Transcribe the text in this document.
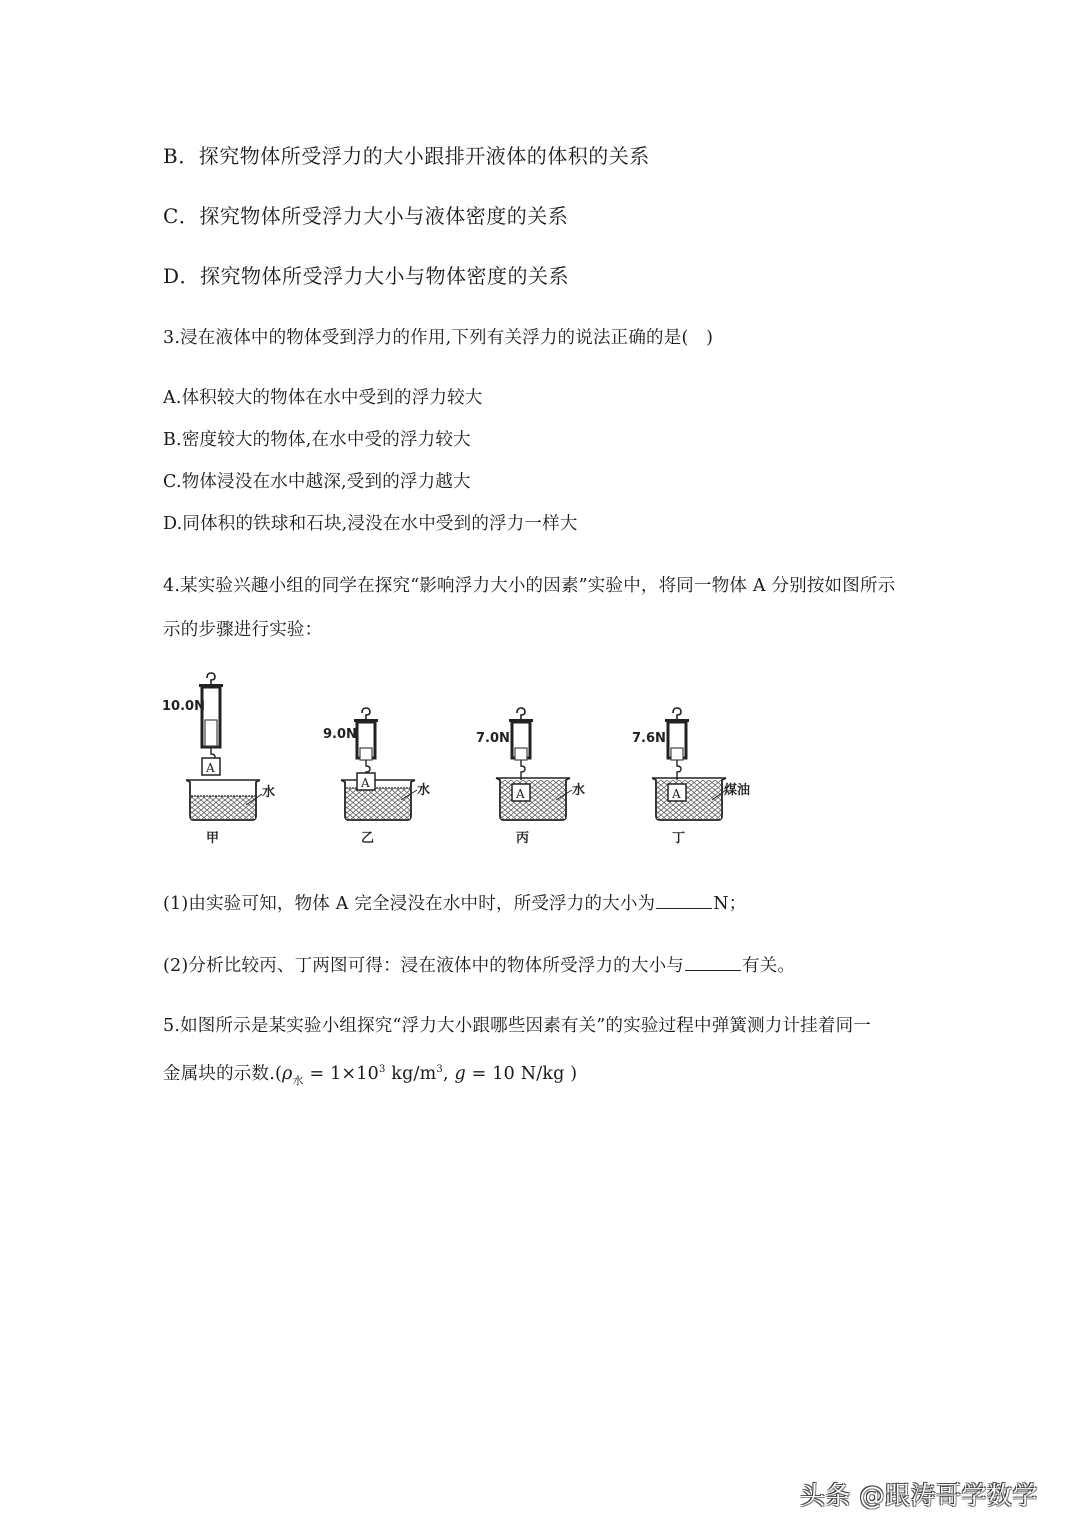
B．探究物体所受浮力的大小跟排开液体的体积的关系
C．探究物体所受浮力大小与液体密度的关系
D．探究物体所受浮力大小与物体密度的关系
3.浸在液体中的物体受到浮力的作用,下列有关浮力的说法正确的是(　)
A.体积较大的物体在水中受到的浮力较大
B.密度较大的物体,在水中受的浮力较大
C.物体浸没在水中越深,受到的浮力越大
D.同体积的铁球和石块,浸没在水中受到的浮力一样大
4.某实验兴趣小组的同学在探究“影响浮力大小的因素”实验中，将同一物体 A 分别按如图所示
示的步骤进行实验：
A
10.0N
水
甲
A
9.0N
水
乙
A
7.0N
水
丙
A
7.6N
煤油
丁
(1)由实验可知，物体 A 完全浸没在水中时，所受浮力的大小为	N；
(2)分析比较丙、丁两图可得：浸在液体中的物体所受浮力的大小与	有关。
5.如图所示是某实验小组探究“浮力大小跟哪些因素有关”的实验过程中弹簧测力计挂着同一
金属块的示数$.(\rho_水 = 1\times 10^3$ $kg/m^3$, g = 10 N/kg )
头条 @跟涛哥学数学
